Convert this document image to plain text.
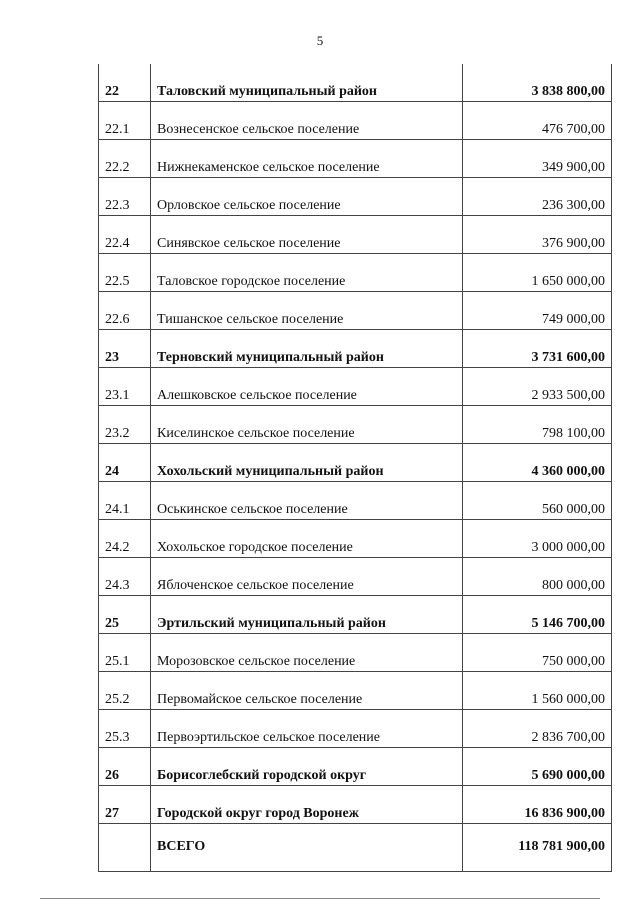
5
22	Таловский муниципальный район	3 838 800,00
22.1	Вознесенское сельское поселение	476 700,00
22.2	Нижнекаменское сельское поселение	349 900,00
22.3	Орловское сельское поселение	236 300,00
22.4	Синявское сельское поселение	376 900,00
22.5	Таловское городское поселение	1 650 000,00
22.6	Тишанское сельское поселение	749 000,00
23	Терновский муниципальный район	3 731 600,00
23.1	Алешковское сельское поселение	2 933 500,00
23.2	Киселинское сельское поселение	798 100,00
24	Хохольский муниципальный район	4 360 000,00
24.1	Оськинское сельское поселение	560 000,00
24.2	Хохольское городское поселение	3 000 000,00
24.3	Яблоченское сельское поселение	800 000,00
25	Эртильский муниципальный район	5 146 700,00
25.1	Морозовское сельское поселение	750 000,00
25.2	Первомайское сельское поселение	1 560 000,00
25.3	Первоэртильское сельское поселение	2 836 700,00
26	Борисоглебский городской округ	5 690 000,00
27	Городской округ город Воронеж	16 836 900,00
	ВСЕГО	118 781 900,00
